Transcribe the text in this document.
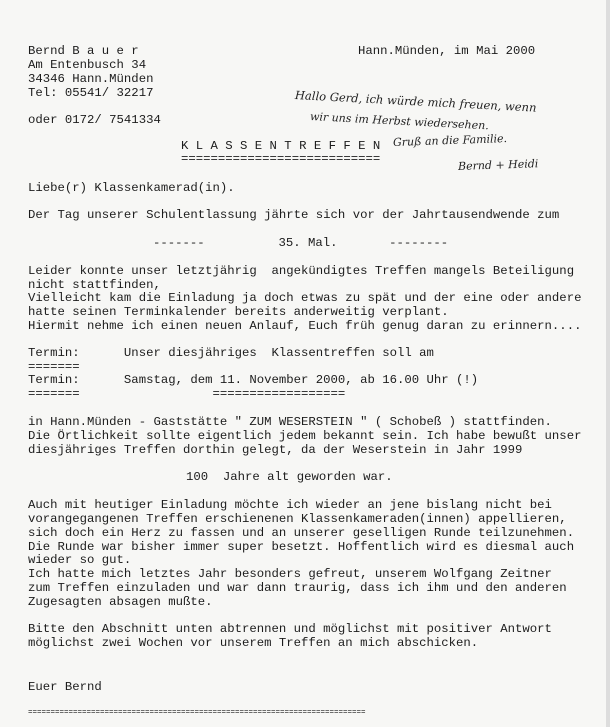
Bernd B a u e r
Am Entenbusch 34
34346 Hann.Münden
Tel: 05541/ 32217
oder 0172/ 7541334
Hann.Münden, im Mai 2000
Hallo Gerd, ich würde mich freuen, wenn
wir uns im Herbst wiedersehen.
Gruß an die Familie.
Bernd + Heidi
K L A S S E N T R E F F E N
===========================
Liebe(r) Klassenkamerad(in).
Der Tag unserer Schulentlassung jährte sich vor der Jahrtausendwende zum
-------          35. Mal.       --------
Leider konnte unser letztjährig  angekündigtes Treffen mangels Beteiligung
nicht stattfinden,
Vielleicht kam die Einladung ja doch etwas zu spät und der eine oder andere
hatte seinen Terminkalender bereits anderweitig verplant.
Hiermit nehme ich einen neuen Anlauf, Euch früh genug daran zu erinnern....
Termin:      Unser diesjähriges  Klassentreffen soll am
=======
Termin:      Samstag, dem 11. November 2000, ab 16.00 Uhr (!)
=======                  ==================
in Hann.Münden - Gaststätte " ZUM WESERSTEIN " ( Schobeß ) stattfinden.
Die Örtlichkeit sollte eigentlich jedem bekannt sein. Ich habe bewußt unser
diesjähriges Treffen dorthin gelegt, da der Weserstein in Jahr 1999
100  Jahre alt geworden war.
Auch mit heutiger Einladung möchte ich wieder an jene bislang nicht bei
vorangegangenen Treffen erschienenen Klassenkameraden(innen) appellieren,
sich doch ein Herz zu fassen und an unserer geselligen Runde teilzunehmen.
Die Runde war bisher immer super besetzt. Hoffentlich wird es diesmal auch
wieder so gut.
Ich hatte mich letztes Jahr besonders gefreut, unserem Wolfgang Zeitner
zum Treffen einzuladen und war dann traurig, dass ich ihm und den anderen
Zugesagten absagen mußte.
Bitte den Abschnitt unten abtrennen und möglichst mit positiver Antwort
möglichst zwei Wochen vor unserem Treffen an mich abschicken.
Euer Bernd
===========================================================================
